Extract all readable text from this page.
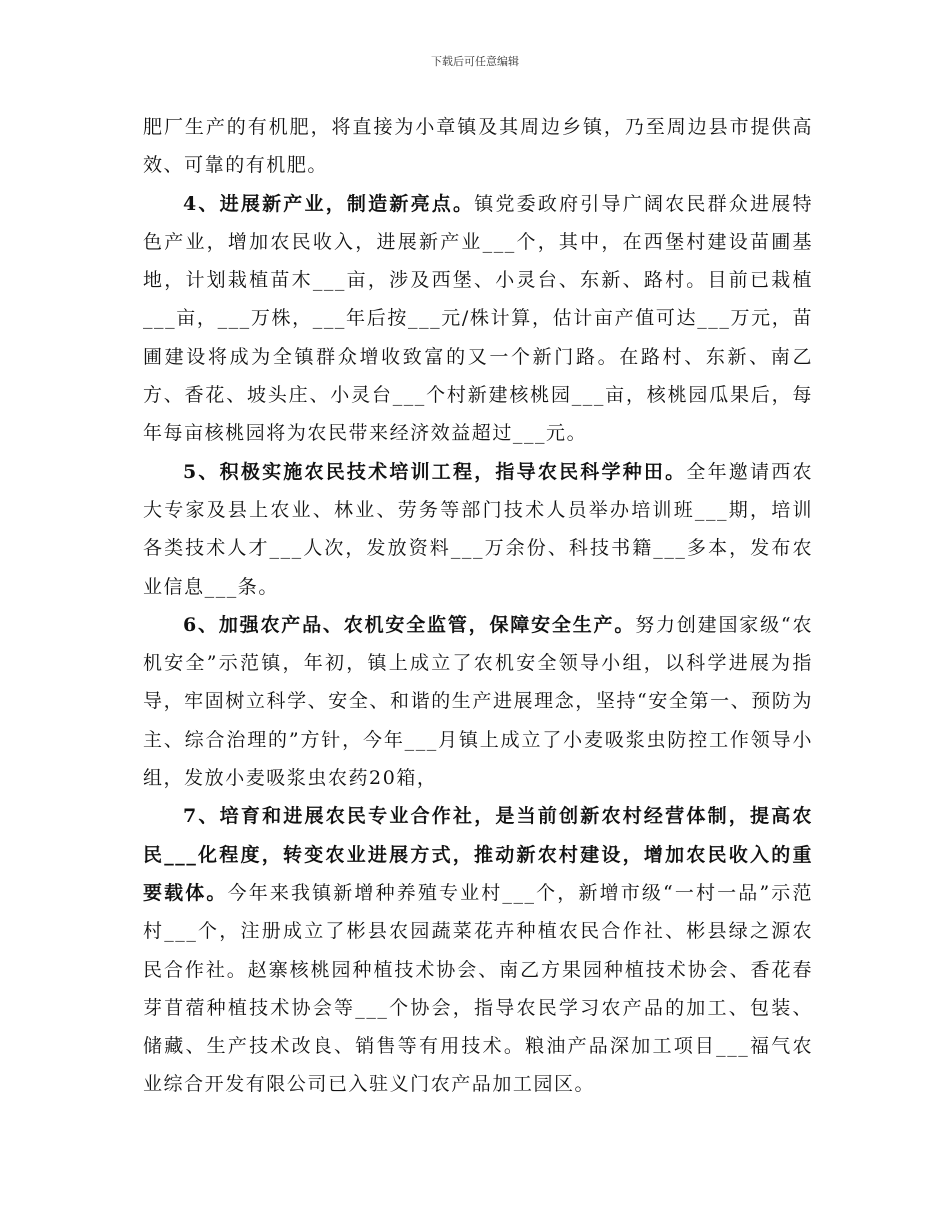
下载后可任意编辑

肥厂生产的有机肥，将直接为小章镇及其周边乡镇，乃至周边县市提供高效、可靠的有机肥。

4、进展新产业，制造新亮点。镇党委政府引导广阔农民群众进展特色产业，增加农民收入，进展新产业___个，其中，在西堡村建设苗圃基地，计划栽植苗木___亩，涉及西堡、小灵台、东新、路村。目前已栽植___亩，___万株，___年后按___元/株计算，估计亩产值可达___万元，苗圃建设将成为全镇群众增收致富的又一个新门路。在路村、东新、南乙方、香花、坡头庄、小灵台___个村新建核桃园___亩，核桃园瓜果后，每年每亩核桃园将为农民带来经济效益超过___元。

5、积极实施农民技术培训工程，指导农民科学种田。全年邀请西农大专家及县上农业、林业、劳务等部门技术人员举办培训班___期，培训各类技术人才___人次，发放资料___万余份、科技书籍___多本，发布农业信息___条。

6、加强农产品、农机安全监管，保障安全生产。努力创建国家级“农机安全”示范镇，年初，镇上成立了农机安全领导小组，以科学进展为指导，牢固树立科学、安全、和谐的生产进展理念，坚持“安全第一、预防为主、综合治理的”方针，今年___月镇上成立了小麦吸浆虫防控工作领导小组，发放小麦吸浆虫农药20箱，

7、培育和进展农民专业合作社，是当前创新农村经营体制，提高农民___化程度，转变农业进展方式，推动新农村建设，增加农民收入的重要载体。今年来我镇新增种养殖专业村___个，新增市级“一村一品”示范村___个，注册成立了彬县农园蔬菜花卉种植农民合作社、彬县绿之源农民合作社。赵寨核桃园种植技术协会、南乙方果园种植技术协会、香花春芽苜蓿种植技术协会等___个协会，指导农民学习农产品的加工、包装、储藏、生产技术改良、销售等有用技术。粮油产品深加工项目___福气农业综合开发有限公司已入驻义门农产品加工园区。
